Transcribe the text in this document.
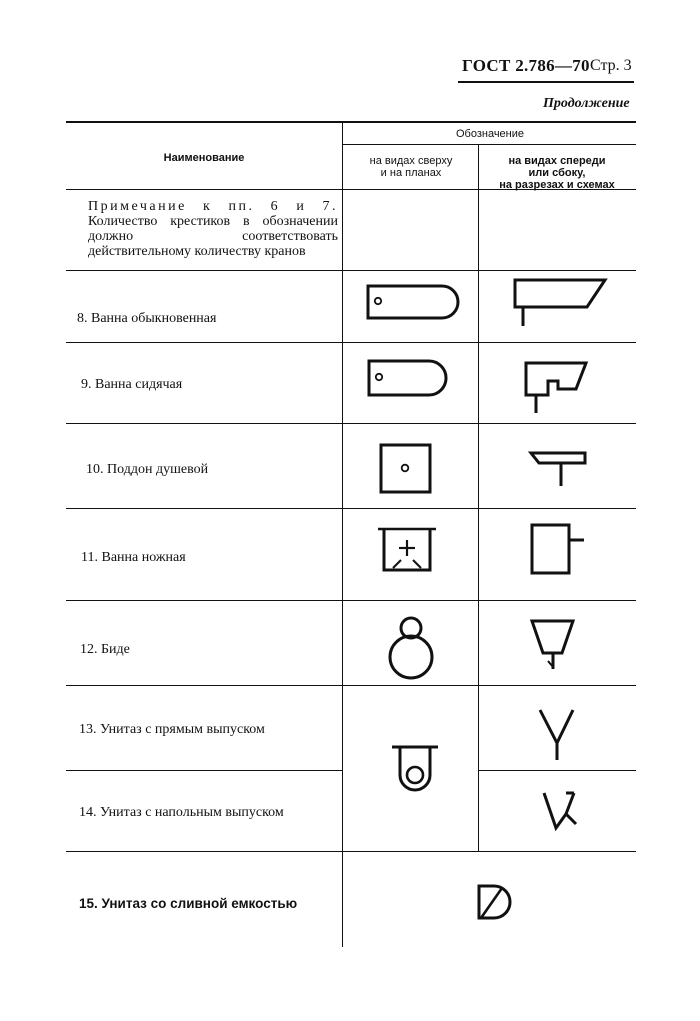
ГОСТ 2.786—70 Стр. 3
Продолжение
Наименование
Обозначение
на видах сверху
и на планах
на видах спереди
или сбоку,
на разрезах и схемах
Примечание к пп. 6 и 7. Количество крестиков в обозначении должно соответствовать действительному количеству кранов
8. Ванна обыкновенная
9. Ванна сидячая
10. Поддон душевой
11. Ванна ножная
12. Биде
13. Унитаз с прямым выпуском
14. Унитаз с напольным выпуском
15. Унитаз со сливной емкостью
